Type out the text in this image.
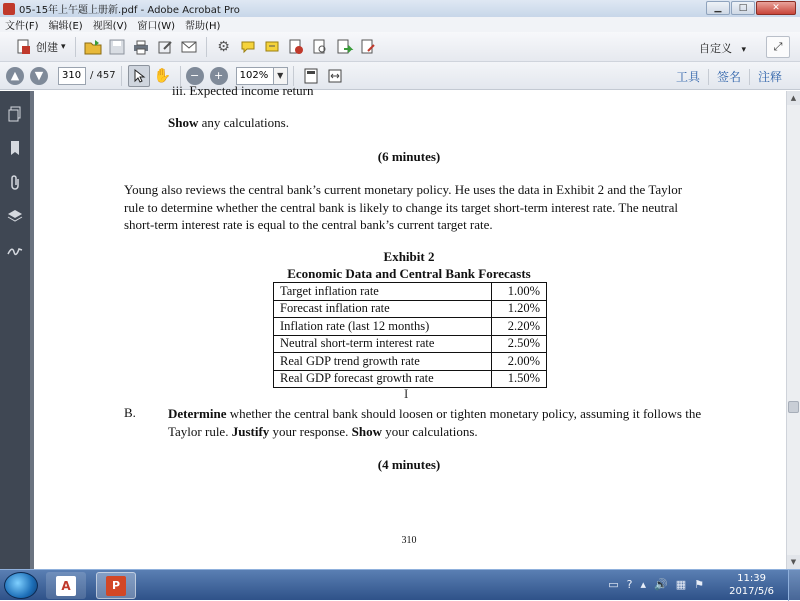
05-15年上午题上册新.pdf - Adobe Acrobat Pro	▁	□	✕
文件(F)	编辑(E)	视图(V)	窗口(W)	帮助(H)
创建 ▾	⚙	自定义 ▾	⤢
▲	▼
310	/ 457	✋	−	+
102%	▼	工具	签名	注释
iii. Expected income return
Show any calculations.
(6 minutes)
Young also reviews the central bank’s current monetary policy. He uses the data in Exhibit 2 and the Taylor rule to determine whether the central bank is likely to change its target short-term interest rate. The neutral short-term interest rate is equal to the central bank’s current target rate.
Exhibit 2
Economic Data and Central Bank Forecasts
Target inflation rate	1.00%
Forecast inflation rate	1.20%
Inflation rate (last 12 months)	2.20%
Neutral short-term interest rate	2.50%
Real GDP trend growth rate	2.00%
Real GDP forecast growth rate	1.50%
I
B. Determine whether the central bank should loosen or tighten monetary policy, assuming it follows the Taylor rule. Justify your response. Show your calculations.
(4 minutes)
310
▲
▼
A	P	▭ ? ▴ 🔊 ▦ ⚑	11:39
2017/5/6
